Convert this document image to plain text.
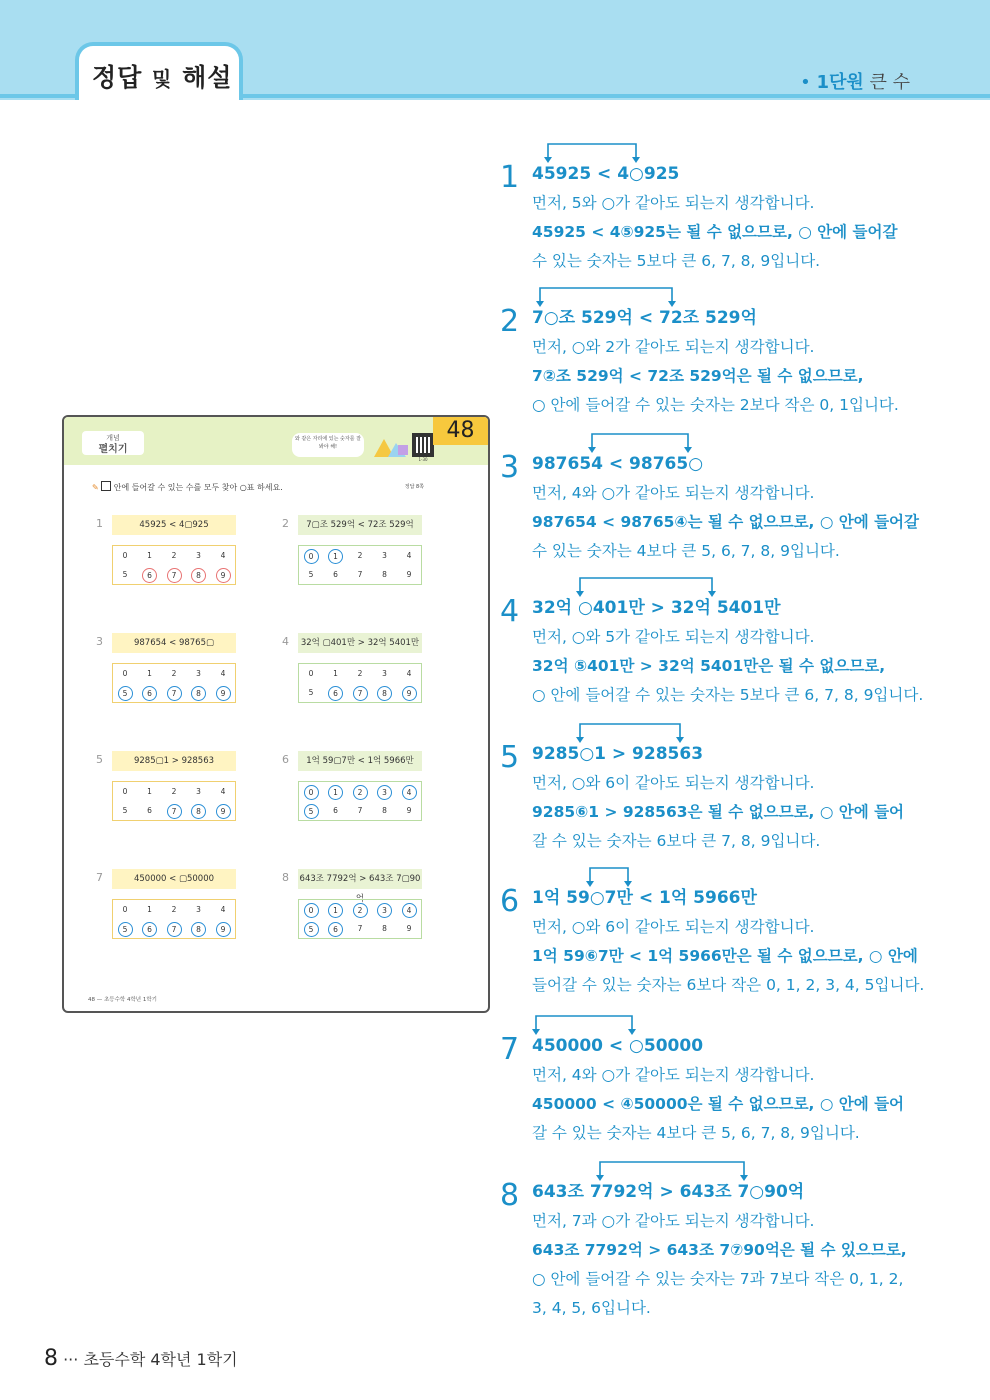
정답 및 해설	• 1단원 큰 수
개념
펼치기
와 같은 자리에 있는 숫자를 잘 봐야 해!
1-30
48
✎ 안에 들어갈 수 있는 수를 모두 찾아 ○표 하세요.	정답 8쪽
1	45925 < 4▢925
0	1	2	3	4
5	6	7	8	9
2	7▢조 529억 < 72조 529억
0	1	2	3	4
5	6	7	8	9
3	987654 < 98765▢
0	1	2	3	4
5	6	7	8	9
4	32억 ▢401만 > 32억 5401만
0	1	2	3	4
5	6	7	8	9
5	9285▢1 > 928563
0	1	2	3	4
5	6	7	8	9
6	1억 59▢7만 < 1억 5966만
0	1	2	3	4
5	6	7	8	9
7	450000 < ▢50000
0	1	2	3	4
5	6	7	8	9
8 643조 7792억 > 643조 7▢90억
0	1	2	3	4
5	6	7	8	9
48 — 초등수학 4학년 1학기
1 45925 < 4○925
먼저, 5와 ○가 같아도 되는지 생각합니다.
45925 < 4⑤925는 될 수 없으므로, ○ 안에 들어갈
수 있는 숫자는 5보다 큰 6, 7, 8, 9입니다.
2 7○조 529억 < 72조 529억
먼저, ○와 2가 같아도 되는지 생각합니다.
7②조 529억 < 72조 529억은 될 수 없으므로,
○ 안에 들어갈 수 있는 숫자는 2보다 작은 0, 1입니다.
3 987654 < 98765○
먼저, 4와 ○가 같아도 되는지 생각합니다.
987654 < 98765④는 될 수 없으므로, ○ 안에 들어갈
수 있는 숫자는 4보다 큰 5, 6, 7, 8, 9입니다.
4 32억 ○401만 > 32억 5401만
먼저, ○와 5가 같아도 되는지 생각합니다.
32억 ⑤401만 > 32억 5401만은 될 수 없으므로,
○ 안에 들어갈 수 있는 숫자는 5보다 큰 6, 7, 8, 9입니다.
5 9285○1 > 928563
먼저, ○와 6이 같아도 되는지 생각합니다.
9285⑥1 > 928563은 될 수 없으므로, ○ 안에 들어
갈 수 있는 숫자는 6보다 큰 7, 8, 9입니다.
6 1억 59○7만 < 1억 5966만
먼저, ○와 6이 같아도 되는지 생각합니다.
1억 59⑥7만 < 1억 5966만은 될 수 없으므로, ○ 안에
들어갈 수 있는 숫자는 6보다 작은 0, 1, 2, 3, 4, 5입니다.
7 450000 < ○50000
먼저, 4와 ○가 같아도 되는지 생각합니다.
450000 < ④50000은 될 수 없으므로, ○ 안에 들어
갈 수 있는 숫자는 4보다 큰 5, 6, 7, 8, 9입니다.
8 643조 7792억 > 643조 7○90억
먼저, 7과 ○가 같아도 되는지 생각합니다.
643조 7792억 > 643조 7⑦90억은 될 수 있으므로,
○ 안에 들어갈 수 있는 숫자는 7과 7보다 작은 0, 1, 2,
3, 4, 5, 6입니다.
8 ··· 초등수학 4학년 1학기
